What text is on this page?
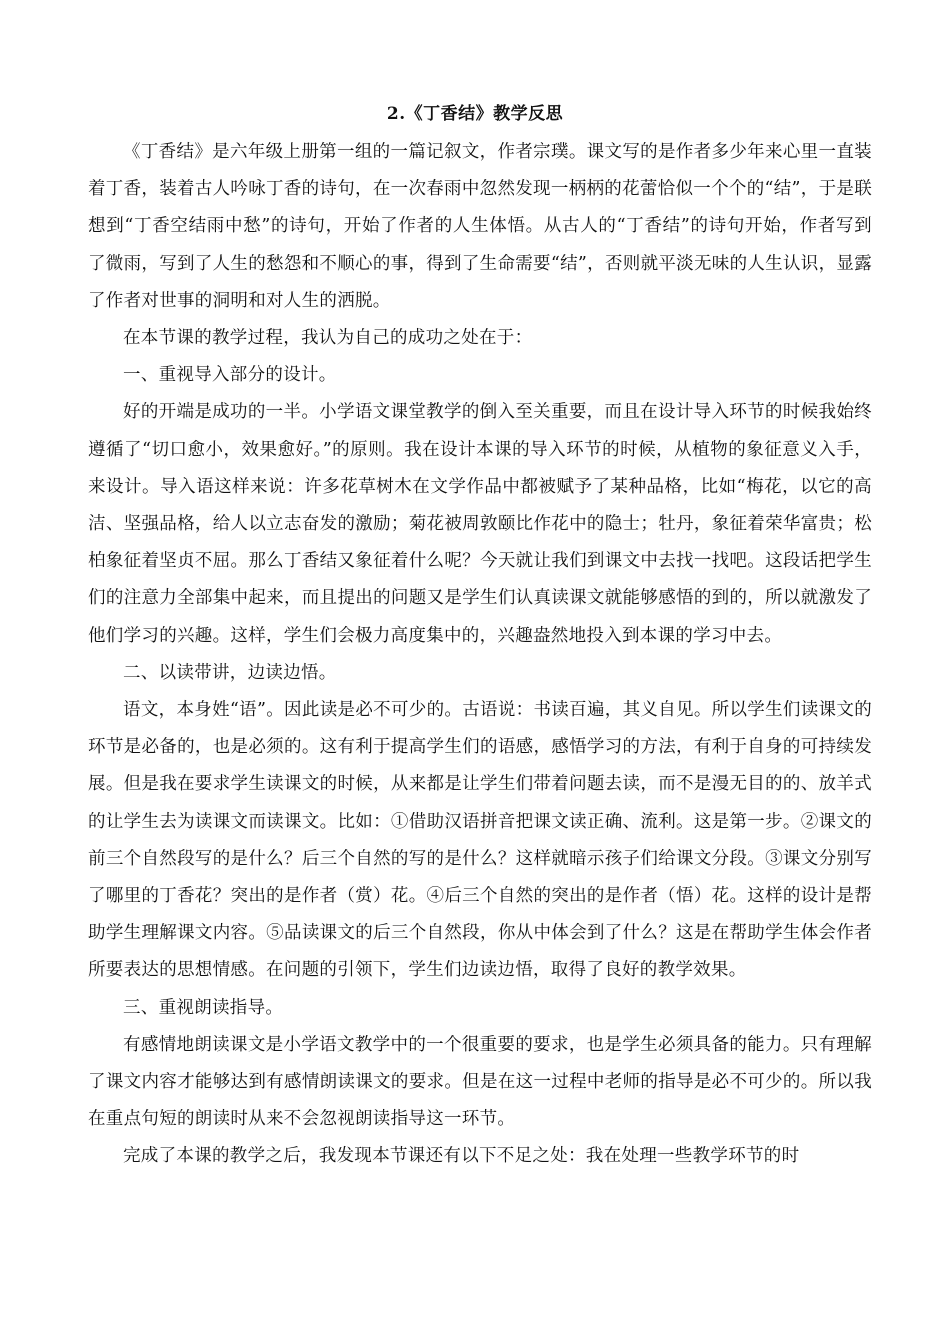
2.《丁香结》教学反思

《丁香结》是六年级上册第一组的一篇记叙文，作者宗璞。课文写的是作者多少年来心里一直装着丁香，装着古人吟咏丁香的诗句，在一次春雨中忽然发现一柄柄的花蕾恰似一个个的“结”，于是联想到“丁香空结雨中愁”的诗句，开始了作者的人生体悟。从古人的“丁香结”的诗句开始，作者写到了微雨，写到了人生的愁怨和不顺心的事，得到了生命需要“结”，否则就平淡无味的人生认识，显露了作者对世事的洞明和对人生的洒脱。

在本节课的教学过程，我认为自己的成功之处在于：

一、重视导入部分的设计。

好的开端是成功的一半。小学语文课堂教学的倒入至关重要，而且在设计导入环节的时候我始终遵循了“切口愈小，效果愈好。”的原则。我在设计本课的导入环节的时候，从植物的象征意义入手，来设计。导入语这样来说：许多花草树木在文学作品中都被赋予了某种品格，比如“梅花，以它的高洁、坚强品格，给人以立志奋发的激励；菊花被周敦颐比作花中的隐士；牡丹，象征着荣华富贵；松柏象征着坚贞不屈。那么丁香结又象征着什么呢？今天就让我们到课文中去找一找吧。这段话把学生们的注意力全部集中起来，而且提出的问题又是学生们认真读课文就能够感悟的到的，所以就激发了他们学习的兴趣。这样，学生们会极力高度集中的，兴趣盎然地投入到本课的学习中去。

二、以读带讲，边读边悟。

语文，本身姓“语”。因此读是必不可少的。古语说：书读百遍，其义自见。所以学生们读课文的环节是必备的，也是必须的。这有利于提高学生们的语感，感悟学习的方法，有利于自身的可持续发展。但是我在要求学生读课文的时候，从来都是让学生们带着问题去读，而不是漫无目的的、放羊式的让学生去为读课文而读课文。比如：①借助汉语拼音把课文读正确、流利。这是第一步。②课文的前三个自然段写的是什么？后三个自然的写的是什么？这样就暗示孩子们给课文分段。③课文分别写了哪里的丁香花？突出的是作者（赏）花。④后三个自然的突出的是作者（悟）花。这样的设计是帮助学生理解课文内容。⑤品读课文的后三个自然段，你从中体会到了什么？这是在帮助学生体会作者所要表达的思想情感。在问题的引领下，学生们边读边悟，取得了良好的教学效果。

三、重视朗读指导。

有感情地朗读课文是小学语文教学中的一个很重要的要求，也是学生必须具备的能力。只有理解了课文内容才能够达到有感情朗读课文的要求。但是在这一过程中老师的指导是必不可少的。所以我在重点句短的朗读时从来不会忽视朗读指导这一环节。

完成了本课的教学之后，我发现本节课还有以下不足之处：我在处理一些教学环节的时
